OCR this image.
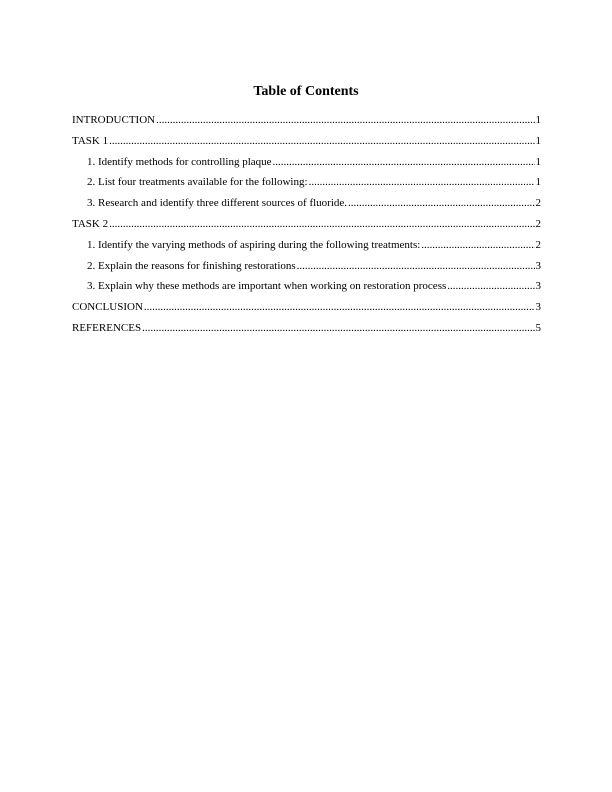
Table of Contents
INTRODUCTION .....	1
TASK 1 .....	1
1. Identify methods for controlling plaque .....	1
2. List four treatments available for the following: .....	1
3. Research and identify three different sources of fluoride. .....	2
TASK 2 .....	2
1. Identify the varying methods of aspiring during the following treatments: .....	2
2. Explain the reasons for finishing restorations .....	3
3. Explain why these methods are important when working on restoration process .....	3
CONCLUSION .....	3
REFERENCES .....	5
